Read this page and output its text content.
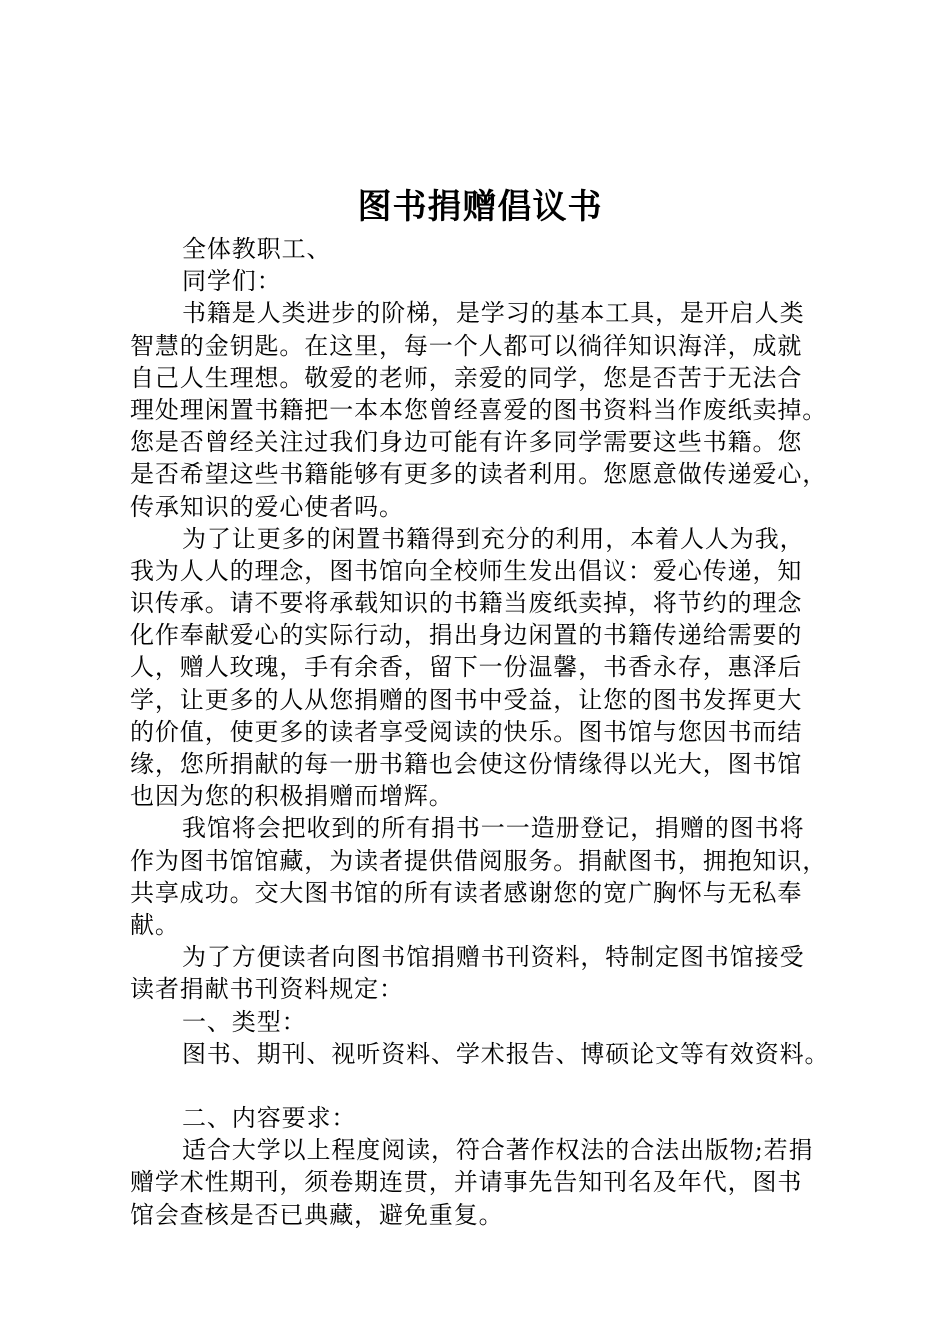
图书捐赠倡议书
全体教职工、
同学们：
书籍是人类进步的阶梯，是学习的基本工具，是开启人类
智慧的金钥匙。在这里，每一个人都可以徜徉知识海洋，成就
自己人生理想。敬爱的老师，亲爱的同学，您是否苦于无法合
理处理闲置书籍把一本本您曾经喜爱的图书资料当作废纸卖掉。
您是否曾经关注过我们身边可能有许多同学需要这些书籍。您
是否希望这些书籍能够有更多的读者利用。您愿意做传递爱心，
传承知识的爱心使者吗。
为了让更多的闲置书籍得到充分的利用，本着人人为我，
我为人人的理念，图书馆向全校师生发出倡议：爱心传递，知
识传承。请不要将承载知识的书籍当废纸卖掉，将节约的理念
化作奉献爱心的实际行动，捐出身边闲置的书籍传递给需要的
人，赠人玫瑰，手有余香，留下一份温馨，书香永存，惠泽后
学，让更多的人从您捐赠的图书中受益，让您的图书发挥更大
的价值，使更多的读者享受阅读的快乐。图书馆与您因书而结
缘，您所捐献的每一册书籍也会使这份情缘得以光大，图书馆
也因为您的积极捐赠而增辉。
我馆将会把收到的所有捐书一一造册登记，捐赠的图书将
作为图书馆馆藏，为读者提供借阅服务。捐献图书，拥抱知识，
共享成功。交大图书馆的所有读者感谢您的宽广胸怀与无私奉
献。
为了方便读者向图书馆捐赠书刊资料，特制定图书馆接受
读者捐献书刊资料规定：
一、类型：
图书、期刊、视听资料、学术报告、博硕论文等有效资料。
二、内容要求：
适合大学以上程度阅读，符合著作权法的合法出版物;若捐
赠学术性期刊，须卷期连贯，并请事先告知刊名及年代，图书
馆会查核是否已典藏，避免重复。
